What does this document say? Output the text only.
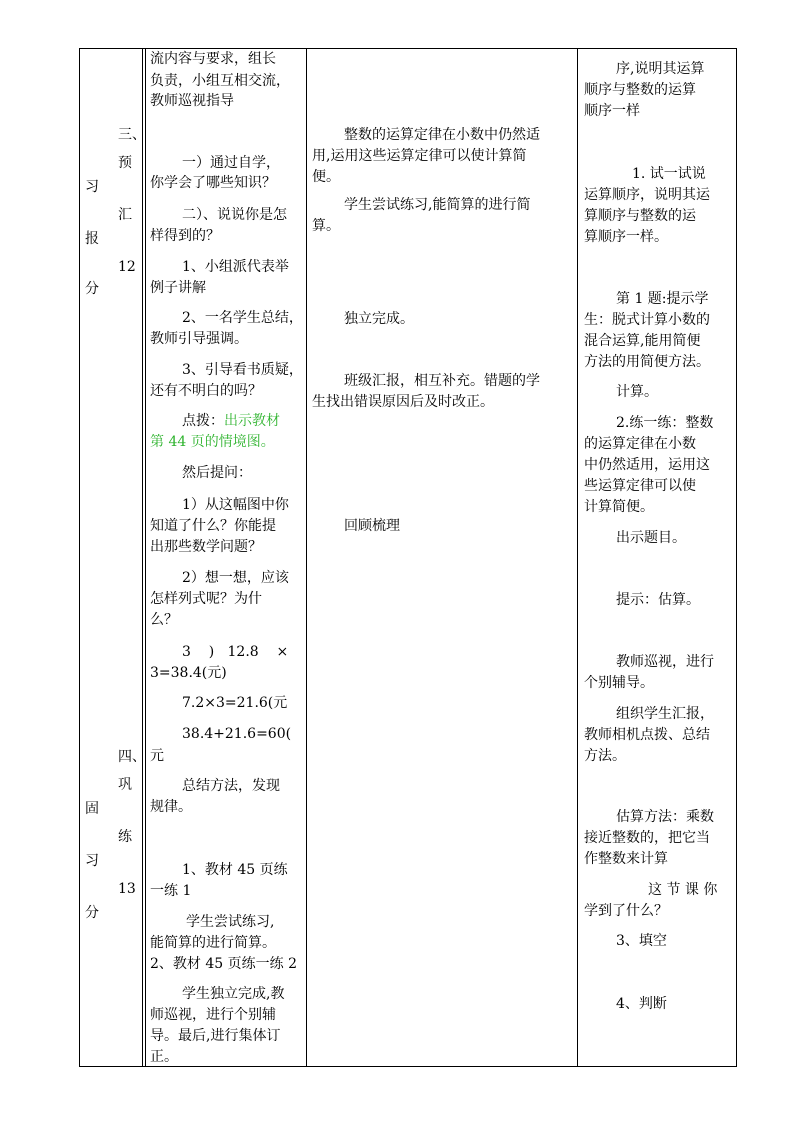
习
报
分
固
习
分
三、
预
汇
12
四、
巩
练
13
流内容与要求，组长
负责，小组互相交流，
教师巡视指导
一）通过自学，
你学会了哪些知识？
二）、说说你是怎
样得到的？
1、小组派代表举
例子讲解
2、一名学生总结，
教师引导强调。
3、引导看书质疑，
还有不明白的吗？
点拨：出示教材
第 44 页的情境图。
然后提问：
1）从这幅图中你
知道了什么？你能提
出那些数学问题？
2）想一想，应该
怎样列式呢？为什
么？
3    )   12.8    ×
3=38.4(元)
7.2×3=21.6(元
38.4+21.6=60(
元
总结方法，发现
规律。
1、教材 45 页练
一练 1
学生尝试练习,
能简算的进行简算。
2、教材 45 页练一练 2
学生独立完成,教
师巡视，进行个别辅
导。最后,进行集体订
正。
整数的运算定律在小数中仍然适
用,运用这些运算定律可以使计算简
便。
学生尝试练习,能简算的进行简
算。
独立完成。
班级汇报，相互补充。错题的学
生找出错误原因后及时改正。
回顾梳理
序,说明其运算
顺序与整数的运算
顺序一样
1. 试一试说
运算顺序，说明其运
算顺序与整数的运
算顺序一样。
第 1 题:提示学
生：脱式计算小数的
混合运算,能用简便
方法的用简便方法。
计算。
2.练一练：整数
的运算定律在小数
中仍然适用，运用这
些运算定律可以使
计算简便。
出示题目。
提示：估算。
教师巡视，进行
个别辅导。
组织学生汇报，
教师相机点拨、总结
方法。
估算方法：乘数
接近整数的，把它当
作整数来计算
这 节 课 你
学到了什么？
3、填空
4、判断
